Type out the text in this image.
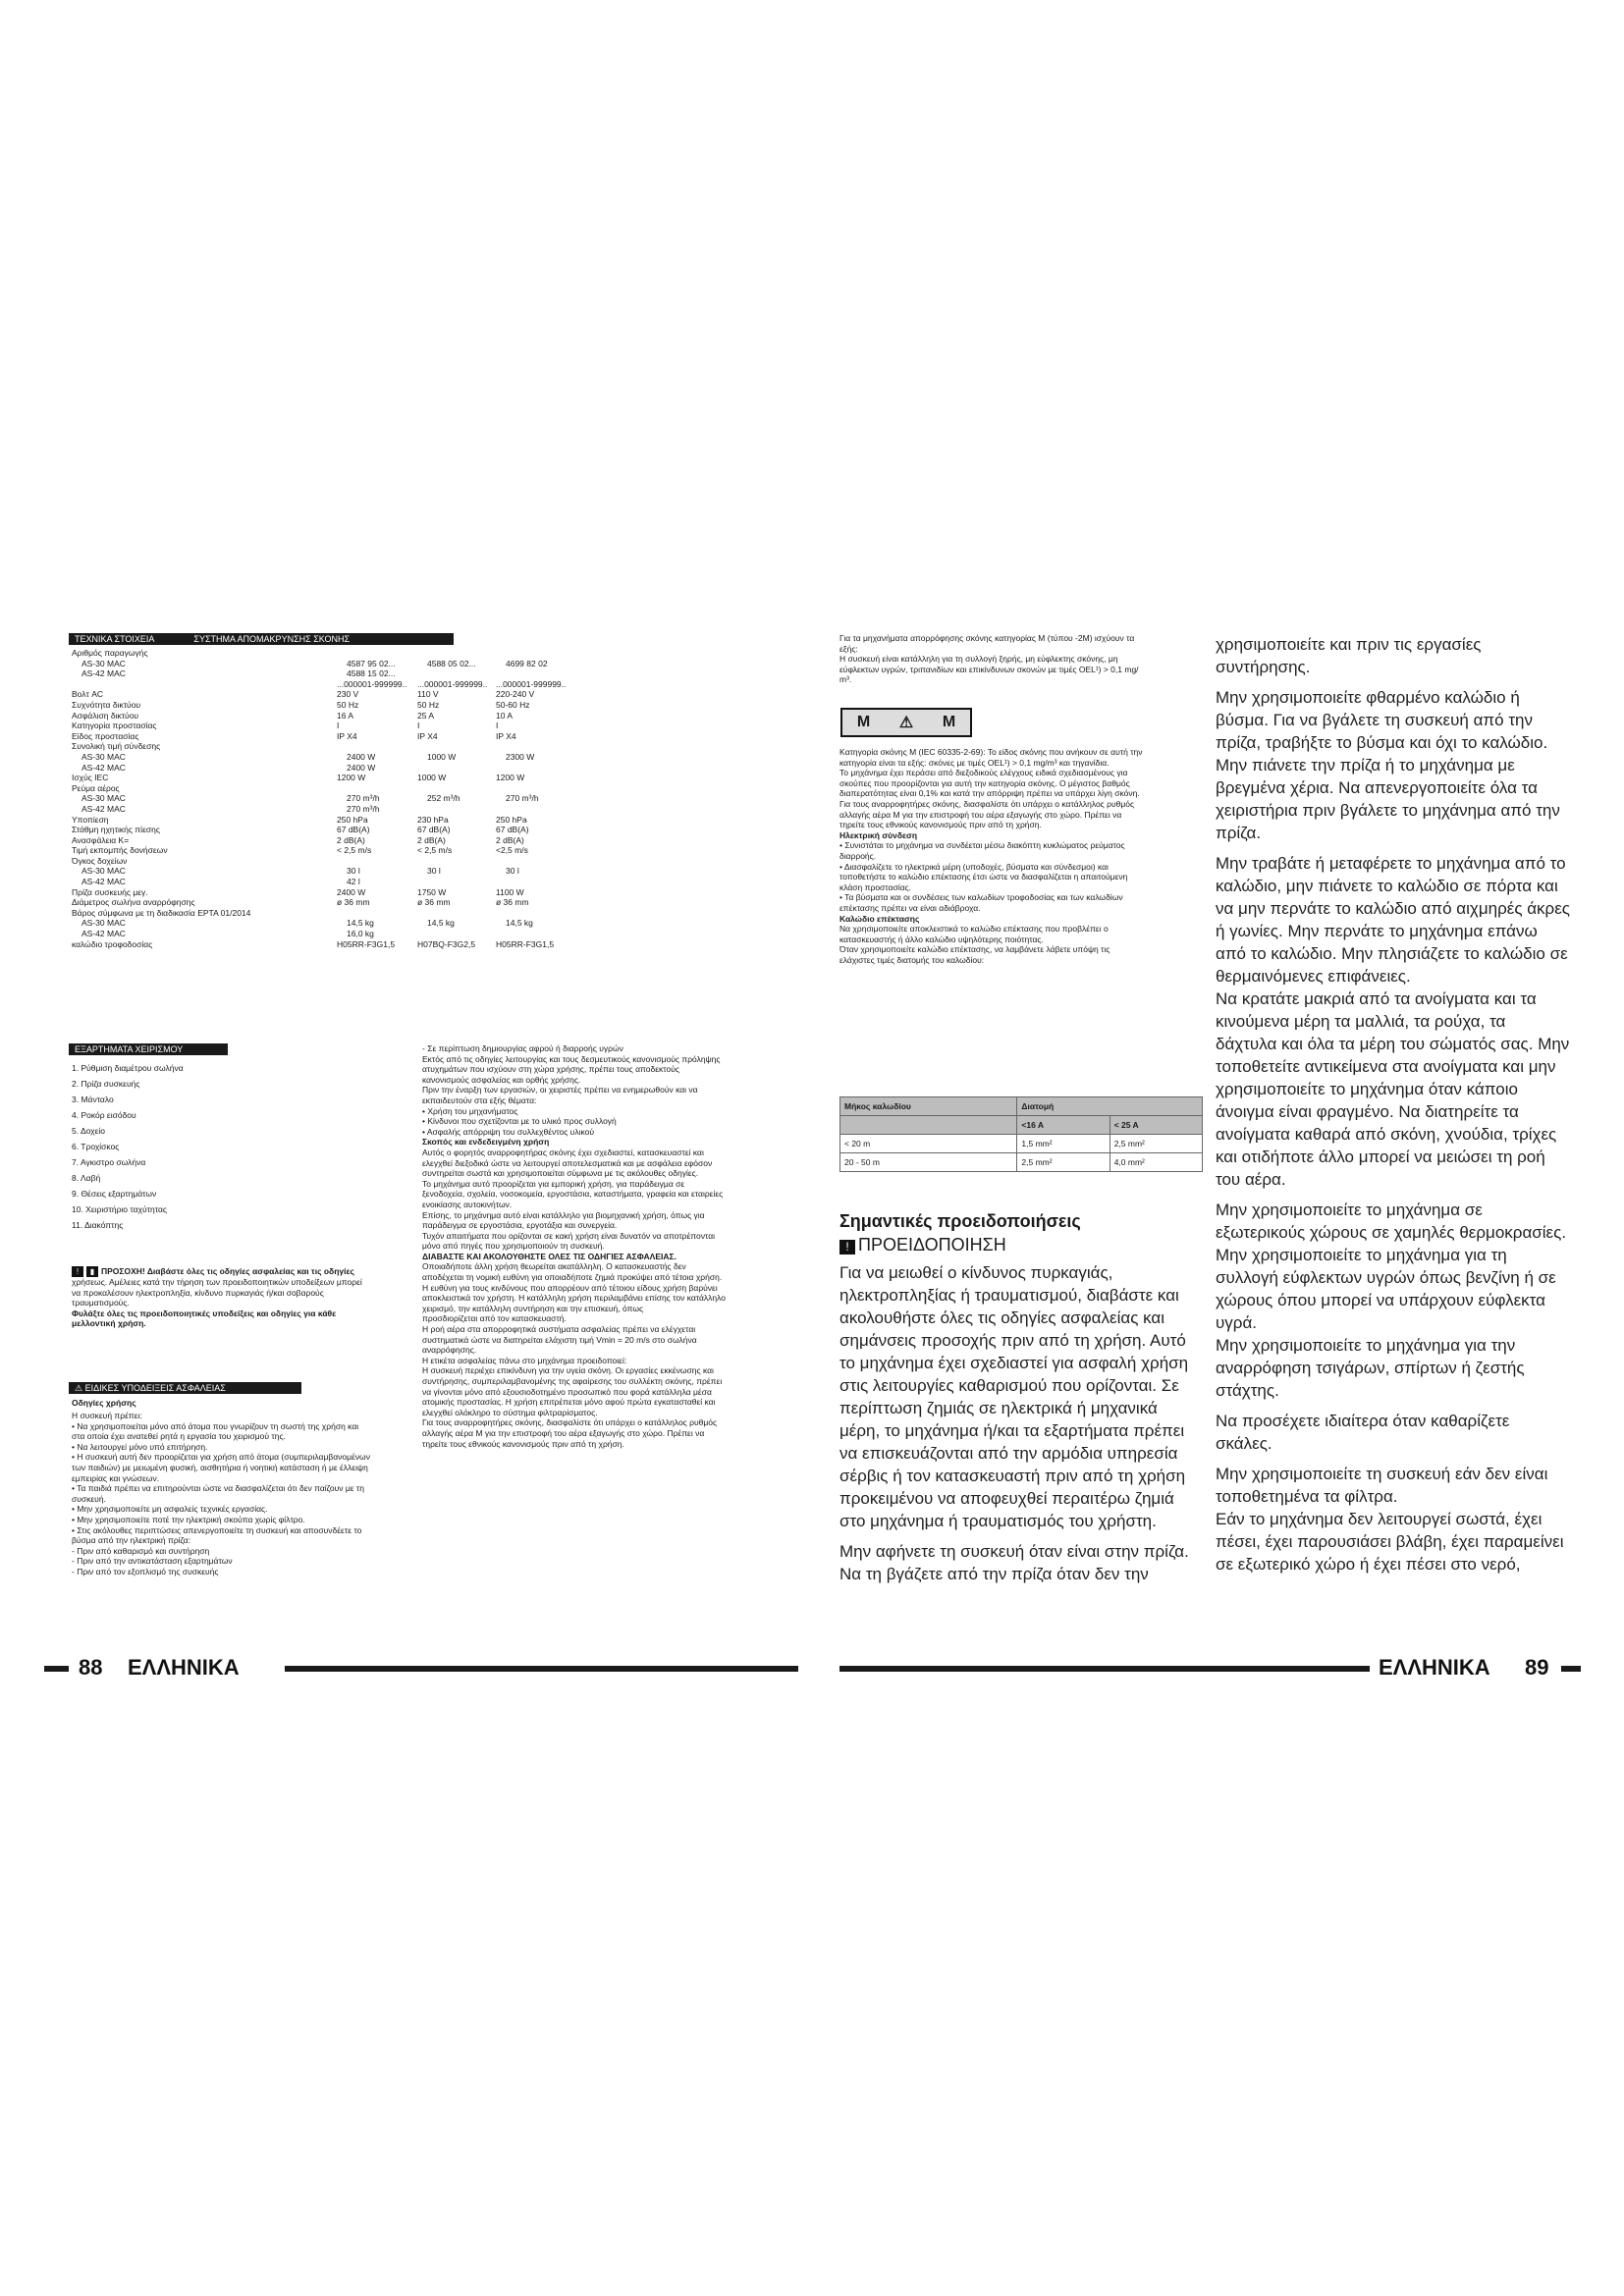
ΤΕΧΝΙΚΑ ΣΤΟΙΧΕΙΑ	ΣΥΣΤΗΜΑ ΑΠΟΜΑΚΡΥΝΣΗΣ ΣΚΟΝΗΣ
Αριθμός παραγωγής
AS-30 MAC	4587 95 02...	4588 05 02...	4699 82 02
AS-42 MAC	4588 15 02...
...000001-999999..	...000001-999999..	...000001-999999..
Βολτ AC	230 V	110 V	220-240 V
Συχνότητα δικτύου	50 Hz	50 Hz	50-60 Hz
Ασφάλιση δικτύου	16 A	25 A	10 A
Κατηγορία προστασίας	I	I	I
Είδος προστασίας	IP X4	IP X4	IP X4
Συνολική τιμή σύνδεσης
AS-30 MAC	2400 W	1000 W	2300 W
AS-42 MAC	2400 W
Ισχύς IEC	1200 W	1000 W	1200 W
Ρεύμα αέρος
AS-30 MAC	270 m³/h	252 m³/h	270 m³/h
AS-42 MAC	270 m³/h
Υποπίεση	250 hPa	230 hPa	250 hPa
Στάθμη ηχητικής πίεσης	67 dB(A)	67 dB(A)	67 dB(A)
Ανασφάλεια K=	2 dB(A)	2 dB(A)	2 dB(A)
Τιμή εκπομπής δονήσεων	< 2,5 m/s	< 2,5 m/s	<2,5 m/s
Όγκος δοχείων
AS-30 MAC	30 l	30 l	30 l
AS-42 MAC	42 l
Πρίζα συσκευής μεγ.	2400 W	1750 W	1100 W
Διάμετρος σωλήνα αναρρόφησης	ø 36 mm	ø 36 mm	ø 36 mm
Βάρος σύμφωνα με τη διαδικασία EPTA 01/2014
AS-30 MAC	14,5 kg	14,5 kg	14,5 kg
AS-42 MAC	16,0 kg
καλώδιο τροφοδοσίας	H05RR-F3G1,5	H07BQ-F3G2,5	H05RR-F3G1,5
ΕΞΑΡΤΗΜΑΤΑ ΧΕΙΡΙΣΜΟΥ
1. Ρύθμιση διαμέτρου σωλήνα
2. Πρίζα συσκευής
3. Μάνταλο
4. Ροκόρ εισόδου
5. Δοχείο
6. Τροχίσκος
7. Αγκιστρο σωλήνα
8. Λαβή
9. Θέσεις εξαρτημάτων
10. Χειριστήριο ταχύτητας
11. Διακόπτης
! ▮ ΠΡΟΣΟΧΗ! Διαβάστε όλες τις οδηγίες ασφαλείας και τις οδηγίες
χρήσεως. Αμέλειες κατά την τήρηση των προειδοποιητικών υποδείξεων μπορεί
να προκαλέσουν ηλεκτροπληξία, κίνδυνο πυρκαγιάς ή/και σοβαρούς
τραυματισμούς.
Φυλάξτε όλες τις προειδοποιητικές υποδείξεις και οδηγίες για κάθε
μελλοντική χρήση.
⚠ ΕΙΔΙΚΕΣ ΥΠΟΔΕΙΞΕΙΣ ΑΣΦΑΛΕΙΑΣ
Οδηγίες χρήσης
Η συσκευή πρέπει:
• Να χρησιμοποιείται μόνο από άτομα που γνωρίζουν τη σωστή της χρήση και
στα οποία έχει ανατεθεί ρητά η εργασία του χειρισμού της.
• Να λειτουργεί μόνο υπό επιτήρηση.
• Η συσκευή αυτή δεν προορίζεται για χρήση από άτομα (συμπεριλαμβανομένων
των παιδιών) με μειωμένη φυσική, αισθητήρια ή νοητική κατάσταση ή με έλλειψη
εμπειρίας και γνώσεων.
• Τα παιδιά πρέπει να επιτηρούνται ώστε να διασφαλίζεται ότι δεν παίζουν με τη
συσκευή.
• Μην χρησιμοποιείτε μη ασφαλείς τεχνικές εργασίας.
• Μην χρησιμοποιείτε ποτέ την ηλεκτρική σκούπα χωρίς φίλτρο.
• Στις ακόλουθες περιπτώσεις απενεργοποιείτε τη συσκευή και αποσυνδέετε το
βύσμα από την ηλεκτρική πρίζα:
- Πριν από καθαρισμό και συντήρηση
- Πριν από την αντικατάσταση εξαρτημάτων
- Πριν από τον εξοπλισμό της συσκευής
- Σε περίπτωση δημιουργίας αφρού ή διαρροής υγρών
Εκτός από τις οδηγίες λειτουργίας και τους δεσμευτικούς κανονισμούς πρόληψης
ατυχημάτων που ισχύουν στη χώρα χρήσης, πρέπει τους αποδεκτούς
κανονισμούς ασφαλείας και ορθής χρήσης.
Πριν την έναρξη των εργασιών, οι χειριστές πρέπει να ενημερωθούν και να
εκπαιδευτούν στα εξής θέματα:
• Χρήση του μηχανήματος
• Κίνδυνοι που σχετίζονται με το υλικό προς συλλογή
• Ασφαλής απόρριψη του συλλεχθέντος υλικού
Σκοπός και ενδεδειγμένη χρήση
Αυτός ο φορητός αναρροφητήρας σκόνης έχει σχεδιαστεί, κατασκευαστεί και
ελεγχθεί διεξοδικά ώστε να λειτουργεί αποτελεσματικά και με ασφάλεια εφόσον
συντηρείται σωστά και χρησιμοποιείται σύμφωνα με τις ακόλουθες οδηγίες.
Το μηχάνημα αυτό προορίζεται για εμπορική χρήση, για παράδειγμα σε
ξενοδοχεία, σχολεία, νοσοκομεία, εργοστάσια, καταστήματα, γραφεία και εταιρείες
ενοικίασης αυτοκινήτων.
Επίσης, το μηχάνημα αυτό είναι κατάλληλο για βιομηχανική χρήση, όπως για
παράδειγμα σε εργοστάσια, εργοτάξια και συνεργεία.
Τυχόν απαιτήματα που ορίζονται σε κακή χρήση είναι δυνατόν να αποτρέπονται
μόνο από πηγές που χρησιμοποιούν τη συσκευή.
ΔΙΑΒΑΣΤΕ ΚΑΙ ΑΚΟΛΟΥΘΗΣΤΕ ΟΛΕΣ ΤΙΣ ΟΔΗΓΙΕΣ ΑΣΦΑΛΕΙΑΣ.
Οποιαδήποτε άλλη χρήση θεωρείται ακατάλληλη. Ο κατασκευαστής δεν
αποδέχεται τη νομική ευθύνη για οποιαδήποτε ζημιά προκύψει από τέτοια χρήση.
Η ευθύνη για τους κινδύνους που απορρέουν από τέτοιου είδους χρήση βαρύνει
αποκλειστικά τον χρήστη. Η κατάλληλη χρήση περιλαμβάνει επίσης τον κατάλληλο
χειρισμό, την κατάλληλη συντήρηση και την επισκευή, όπως
προσδιορίζεται από τον κατασκευαστή.
Η ροή αέρα στα απορροφητικά συστήματα ασφαλείας πρέπει να ελέγχεται
συστηματικά ώστε να διατηρείται ελάχιστη τιμή Vmin = 20 m/s στο σωλήνα
αναρρόφησης.
Η ετικέτα ασφαλείας πάνω στο μηχάνημα προειδοποιεί:
Η συσκευή περιέχει επικίνδυνη για την υγεία σκόνη. Οι εργασίες εκκένωσης και
συντήρησης, συμπεριλαμβανομένης της αφαίρεσης του συλλέκτη σκόνης, πρέπει
να γίνονται μόνο από εξουσιοδοτημένο προσωπικό που φορά κατάλληλα μέσα
ατομικής προστασίας. Η χρήση επιτρέπεται μόνο αφού πρώτα εγκατασταθεί και
ελεγχθεί ολόκληρο το σύστημα φιλτραρίσματος.
Για τους αναρροφητήρες σκόνης, διασφαλίστε ότι υπάρχει ο κατάλληλος ρυθμός
αλλαγής αέρα Μ για την επιστροφή του αέρα εξαγωγής στο χώρο. Πρέπει να
τηρείτε τους εθνικούς κανονισμούς πριν από τη χρήση.
88 ΕΛΛΗΝΙΚΑ
Για τα μηχανήματα απορρόφησης σκόνης κατηγορίας Μ (τύπου -2M) ισχύουν τα
εξής:
Η συσκευή είναι κατάλληλη για τη συλλογή ξηρής, μη εύφλεκτης σκόνης, μη
εύφλεκτων υγρών, τριπανιδίων και επικίνδυνων σκονών με τιμές OEL¹) > 0,1 mg/
m³.
M ⚠ M
Κατηγορία σκόνης Μ (IEC 60335-2-69): Το είδος σκόνης που ανήκουν σε αυτή την
κατηγορία είναι τα εξής: σκόνες με τιμές OEL¹) > 0,1 mg/m³ και τηγανίδια.
Το μηχάνημα έχει περάσει από διεξοδικούς ελέγχους ειδικά σχεδιασμένους για
σκούπες που προορίζονται για αυτή την κατηγορία σκόνης. Ο μέγιστος βαθμός
διαπερατότητας είναι 0,1% και κατά την απόρριψη πρέπει να υπάρχει λίγη σκόνη.
Για τους αναρροφητήρες σκόνης, διασφαλίστε ότι υπάρχει ο κατάλληλος ρυθμός
αλλαγής αέρα Μ για την επιστροφή του αέρα εξαγωγής στο χώρο. Πρέπει να
τηρείτε τους εθνικούς κανονισμούς πριν από τη χρήση.
Ηλεκτρική σύνδεση
• Συνιστάται το μηχάνημα να συνδέεται μέσω διακόπτη κυκλώματος ρεύματος
διαρροής.
• Διασφαλίζετε το ηλεκτρικά μέρη (υποδοχές, βύσματα και σύνδεσμοι) και
τοποθετήστε το καλώδιο επέκτασης έτσι ώστε να διασφαλίζεται η απαιτούμενη
κλάση προστασίας.
• Τα βύσματα και οι συνδέσεις των καλωδίων τροφοδοσίας και των καλωδίων
επέκτασης πρέπει να είναι αδιάβροχα.
Καλώδιο επέκτασης
Να χρησιμοποιείτε αποκλειστικά το καλώδιο επέκτασης που προβλέπει ο
κατασκευαστής ή άλλο καλώδιο υψηλότερης ποιότητας.
Όταν χρησιμοποιείτε καλώδιο επέκτασης, να λαμβάνετε λάβετε υπόψη τις
ελάχιστες τιμές διατομής του καλωδίου:
Μήκος καλωδίου	Διατομή	
	<16 A	< 25 A
< 20 m	1,5 mm²	2,5 mm²
20 - 50 m	2,5 mm²	4,0 mm²
Σημαντικές προειδοποιήσεις
! ΠΡΟΕΙΔΟΠΟΙΗΣΗ
Για να μειωθεί ο κίνδυνος πυρκαγιάς,
ηλεκτροπληξίας ή τραυματισμού, διαβάστε και
ακολουθήστε όλες τις οδηγίες ασφαλείας και
σημάνσεις προσοχής πριν από τη χρήση. Αυτό
το μηχάνημα έχει σχεδιαστεί για ασφαλή χρήση
στις λειτουργίες καθαρισμού που ορίζονται. Σε
περίπτωση ζημιάς σε ηλεκτρικά ή μηχανικά
μέρη, το μηχάνημα ή/και τα εξαρτήματα πρέπει
να επισκευάζονται από την αρμόδια υπηρεσία
σέρβις ή τον κατασκευαστή πριν από τη χρήση
προκειμένου να αποφευχθεί περαιτέρω ζημιά
στο μηχάνημα ή τραυματισμός του χρήστη.
Μην αφήνετε τη συσκευή όταν είναι στην πρίζα.
Να τη βγάζετε από την πρίζα όταν δεν την
χρησιμοποιείτε και πριν τις εργασίες
συντήρησης.
Μην χρησιμοποιείτε φθαρμένο καλώδιο ή
βύσμα. Για να βγάλετε τη συσκευή από την
πρίζα, τραβήξτε το βύσμα και όχι το καλώδιο.
Μην πιάνετε την πρίζα ή το μηχάνημα με
βρεγμένα χέρια. Να απενεργοποιείτε όλα τα
χειριστήρια πριν βγάλετε το μηχάνημα από την
πρίζα.
Μην τραβάτε ή μεταφέρετε το μηχάνημα από το
καλώδιο, μην πιάνετε το καλώδιο σε πόρτα και
να μην περνάτε το καλώδιο από αιχμηρές άκρες
ή γωνίες. Μην περνάτε το μηχάνημα επάνω
από το καλώδιο. Μην πλησιάζετε το καλώδιο σε
θερμαινόμενες επιφάνειες.
Να κρατάτε μακριά από τα ανοίγματα και τα
κινούμενα μέρη τα μαλλιά, τα ρούχα, τα
δάχτυλα και όλα τα μέρη του σώματός σας. Μην
τοποθετείτε αντικείμενα στα ανοίγματα και μην
χρησιμοποιείτε το μηχάνημα όταν κάποιο
άνοιγμα είναι φραγμένο. Να διατηρείτε τα
ανοίγματα καθαρά από σκόνη, χνούδια, τρίχες
και οτιδήποτε άλλο μπορεί να μειώσει τη ροή
του αέρα.
Μην χρησιμοποιείτε το μηχάνημα σε
εξωτερικούς χώρους σε χαμηλές θερμοκρασίες.
Μην χρησιμοποιείτε το μηχάνημα για τη
συλλογή εύφλεκτων υγρών όπως βενζίνη ή σε
χώρους όπου μπορεί να υπάρχουν εύφλεκτα
υγρά.
Μην χρησιμοποιείτε το μηχάνημα για την
αναρρόφηση τσιγάρων, σπίρτων ή ζεστής
στάχτης.
Να προσέχετε ιδιαίτερα όταν καθαρίζετε
σκάλες.
Μην χρησιμοποιείτε τη συσκευή εάν δεν είναι
τοποθετημένα τα φίλτρα.
Εάν το μηχάνημα δεν λειτουργεί σωστά, έχει
πέσει, έχει παρουσιάσει βλάβη, έχει παραμείνει
σε εξωτερικό χώρο ή έχει πέσει στο νερό,
ΕΛΛΗΝΙΚΑ 89
